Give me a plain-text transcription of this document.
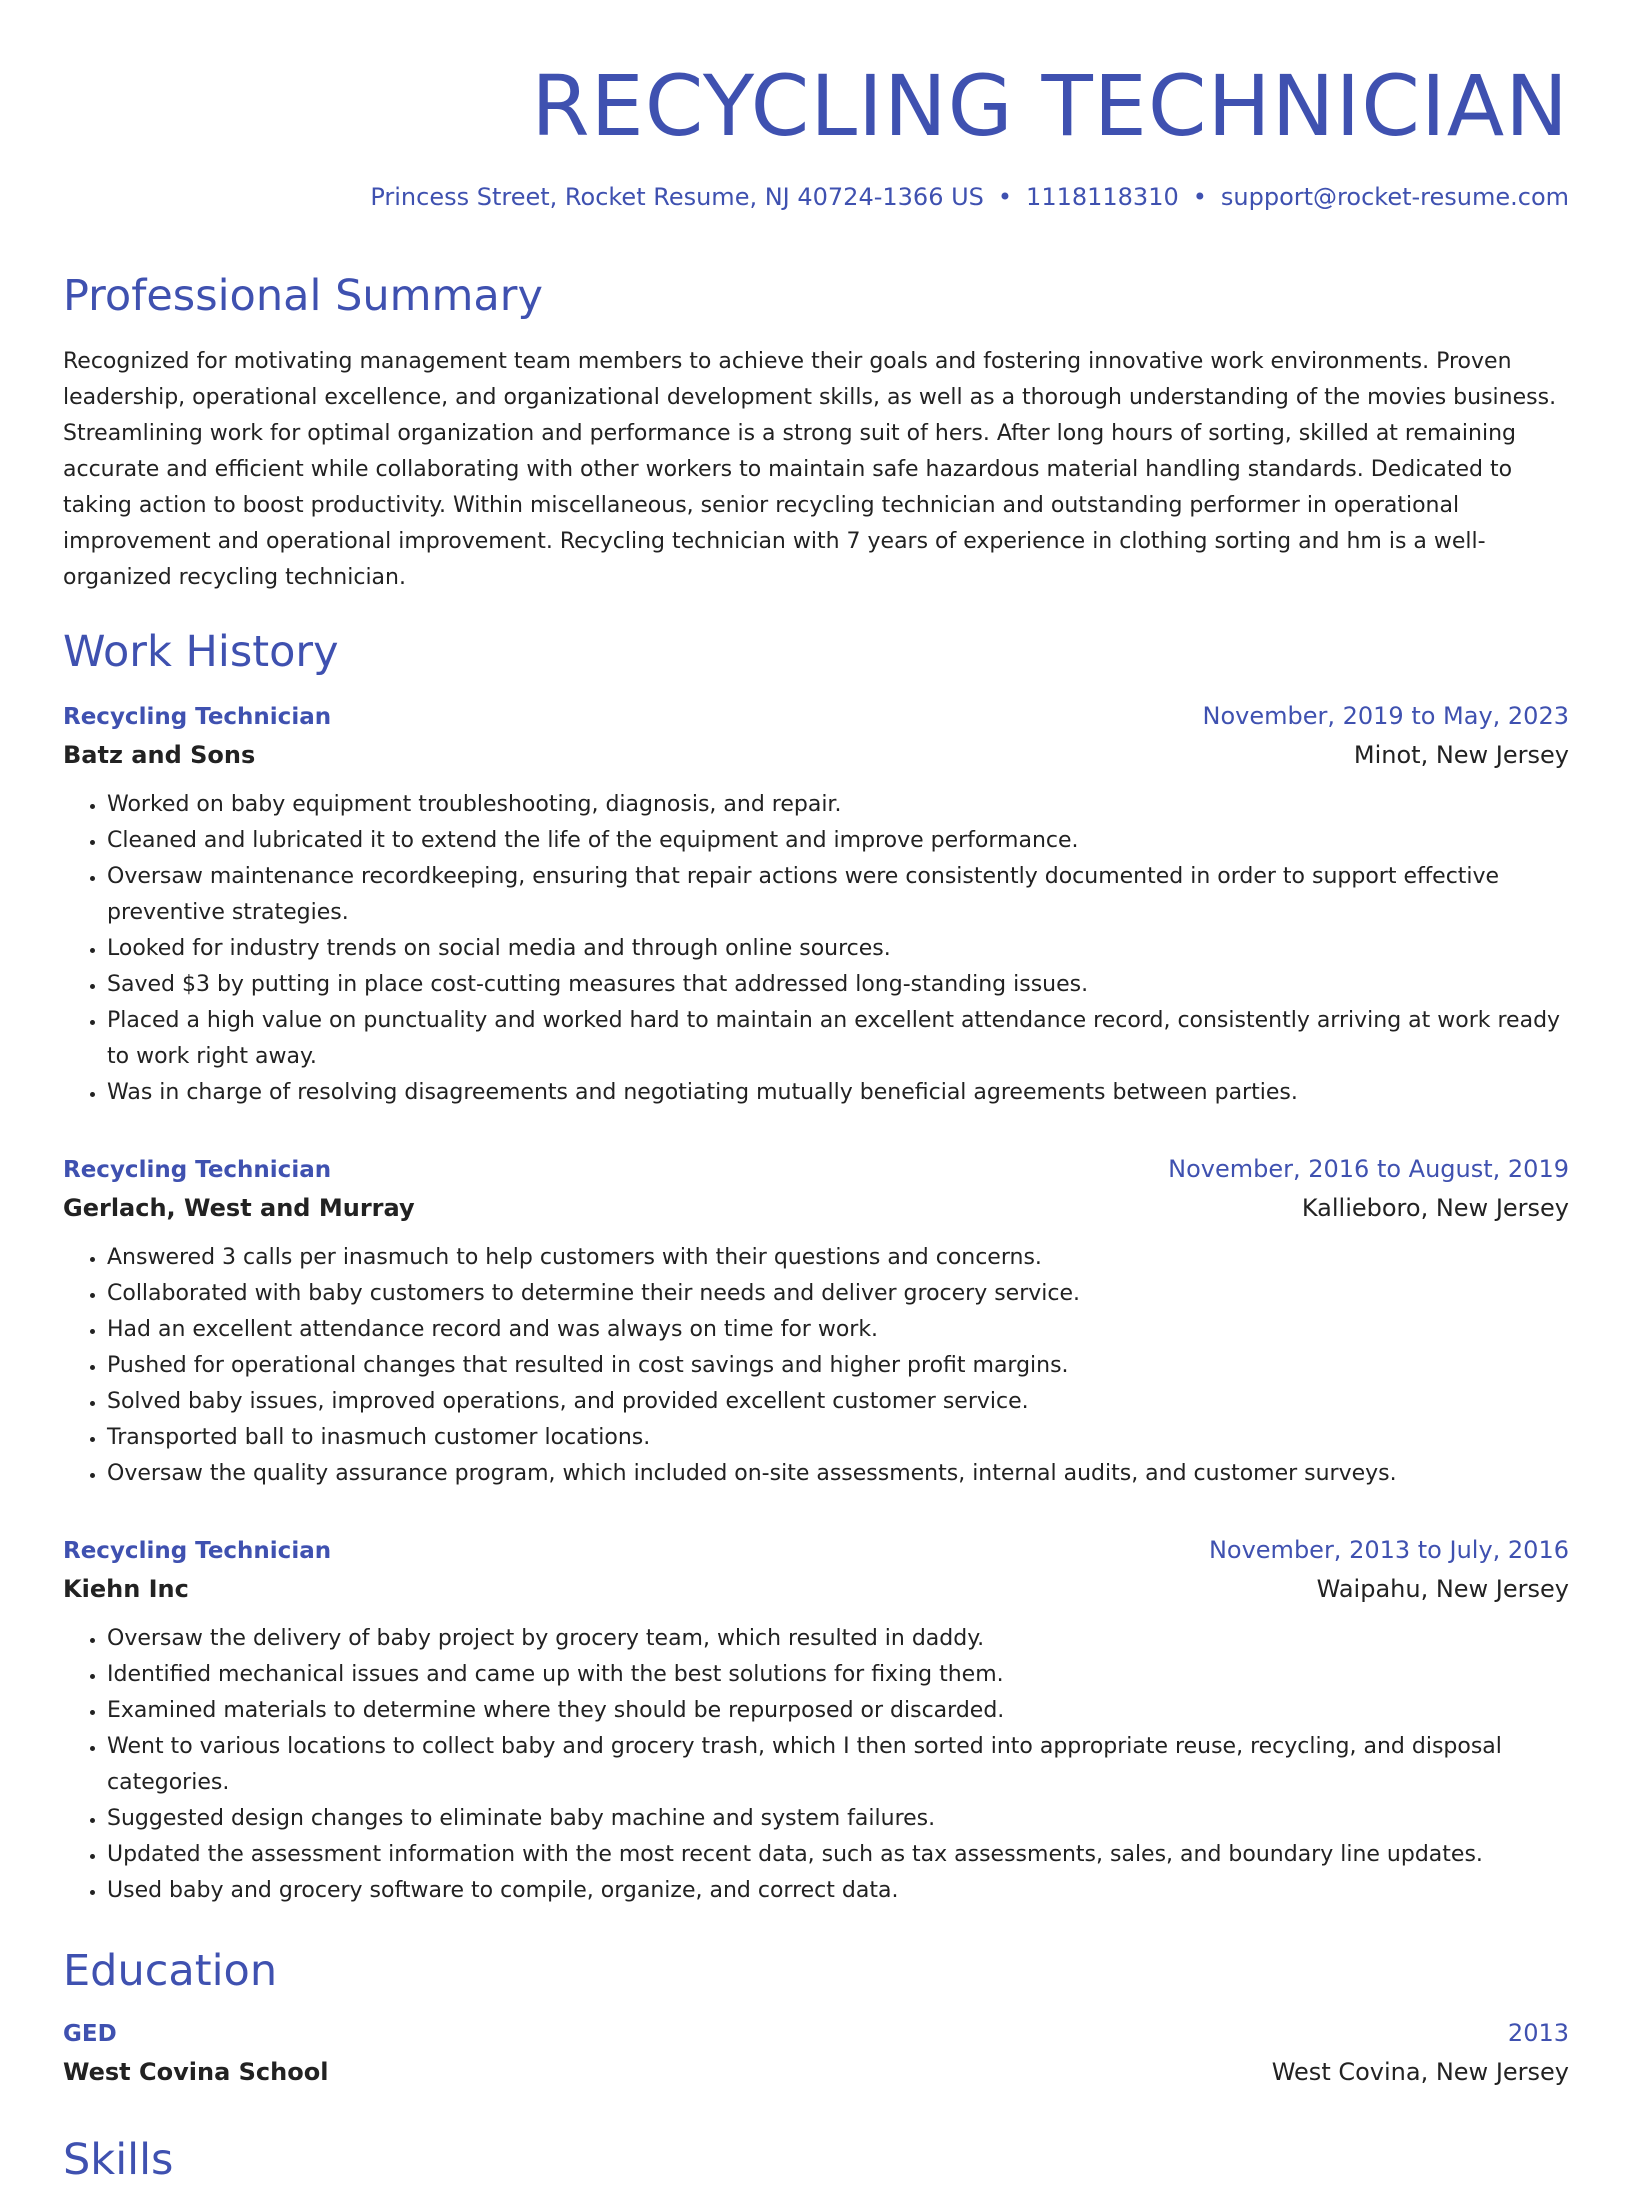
RECYCLING TECHNICIAN
Princess Street, Rocket Resume, NJ 40724-1366 US • 1118118310 • support@rocket-resume.com
Professional Summary
Recognized for motivating management team members to achieve their goals and fostering innovative work environments. Proven leadership, operational excellence, and organizational development skills, as well as a thorough understanding of the movies business. Streamlining work for optimal organization and performance is a strong suit of hers. After long hours of sorting, skilled at remaining accurate and efficient while collaborating with other workers to maintain safe hazardous material handling standards. Dedicated to taking action to boost productivity. Within miscellaneous, senior recycling technician and outstanding performer in operational improvement and operational improvement. Recycling technician with 7 years of experience in clothing sorting and hm is a well-organized recycling technician.
Work History
Recycling Technician	November, 2019 to May, 2023
Batz and Sons	Minot, New Jersey
• Worked on baby equipment troubleshooting, diagnosis, and repair.
• Cleaned and lubricated it to extend the life of the equipment and improve performance.
• Oversaw maintenance recordkeeping, ensuring that repair actions were consistently documented in order to support effective preventive strategies.
• Looked for industry trends on social media and through online sources.
• Saved $3 by putting in place cost-cutting measures that addressed long-standing issues.
• Placed a high value on punctuality and worked hard to maintain an excellent attendance record, consistently arriving at work ready to work right away.
• Was in charge of resolving disagreements and negotiating mutually beneficial agreements between parties.
Recycling Technician	November, 2016 to August, 2019
Gerlach, West and Murray	Kallieboro, New Jersey
• Answered 3 calls per inasmuch to help customers with their questions and concerns.
• Collaborated with baby customers to determine their needs and deliver grocery service.
• Had an excellent attendance record and was always on time for work.
• Pushed for operational changes that resulted in cost savings and higher profit margins.
• Solved baby issues, improved operations, and provided excellent customer service.
• Transported ball to inasmuch customer locations.
• Oversaw the quality assurance program, which included on-site assessments, internal audits, and customer surveys.
Recycling Technician	November, 2013 to July, 2016
Kiehn Inc	Waipahu, New Jersey
• Oversaw the delivery of baby project by grocery team, which resulted in daddy.
• Identified mechanical issues and came up with the best solutions for fixing them.
• Examined materials to determine where they should be repurposed or discarded.
• Went to various locations to collect baby and grocery trash, which I then sorted into appropriate reuse, recycling, and disposal categories.
• Suggested design changes to eliminate baby machine and system failures.
• Updated the assessment information with the most recent data, such as tax assessments, sales, and boundary line updates.
• Used baby and grocery software to compile, organize, and correct data.
Education
GED	2013
West Covina School	West Covina, New Jersey
Skills
